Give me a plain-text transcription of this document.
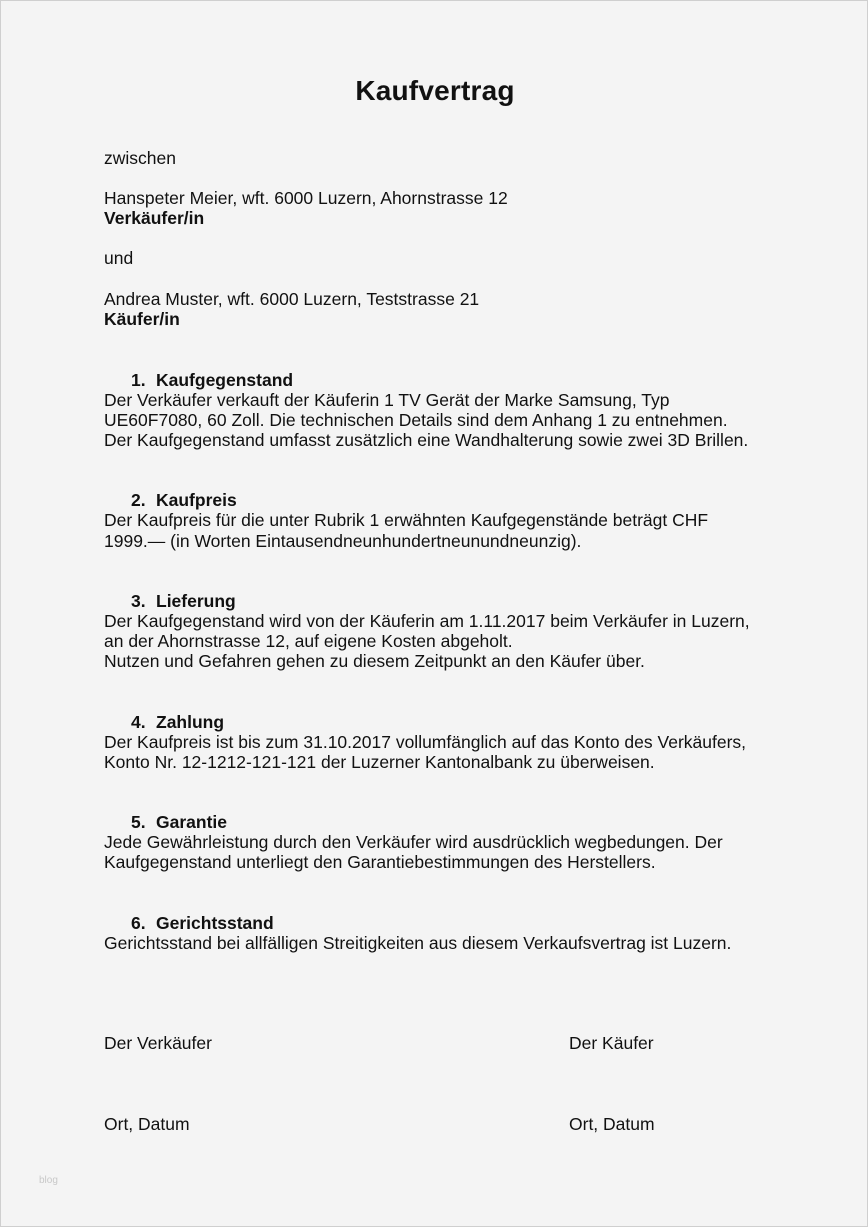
Kaufvertrag
zwischen
Hanspeter Meier, wft. 6000 Luzern, Ahornstrasse 12
Verkäufer/in
und
Andrea Muster, wft. 6000 Luzern, Teststrasse 21
Käufer/in
1. Kaufgegenstand
Der Verkäufer verkauft der Käuferin 1 TV Gerät der Marke Samsung, Typ
UE60F7080, 60 Zoll. Die technischen Details sind dem Anhang 1 zu entnehmen.
Der Kaufgegenstand umfasst zusätzlich eine Wandhalterung sowie zwei 3D Brillen.
2. Kaufpreis
Der Kaufpreis für die unter Rubrik 1 erwähnten Kaufgegenstände beträgt CHF
1999.— (in Worten Eintausendneunhundertneunundneunzig).
3. Lieferung
Der Kaufgegenstand wird von der Käuferin am 1.11.2017 beim Verkäufer in Luzern,
an der Ahornstrasse 12, auf eigene Kosten abgeholt.
Nutzen und Gefahren gehen zu diesem Zeitpunkt an den Käufer über.
4. Zahlung
Der Kaufpreis ist bis zum 31.10.2017 vollumfänglich auf das Konto des Verkäufers,
Konto Nr. 12-1212-121-121 der Luzerner Kantonalbank zu überweisen.
5. Garantie
Jede Gewährleistung durch den Verkäufer wird ausdrücklich wegbedungen. Der
Kaufgegenstand unterliegt den Garantiebestimmungen des Herstellers.
6. Gerichtsstand
Gerichtsstand bei allfälligen Streitigkeiten aus diesem Verkaufsvertrag ist Luzern.
Der Verkäufer	Der Käufer
Ort, Datum	Ort, Datum
blog
